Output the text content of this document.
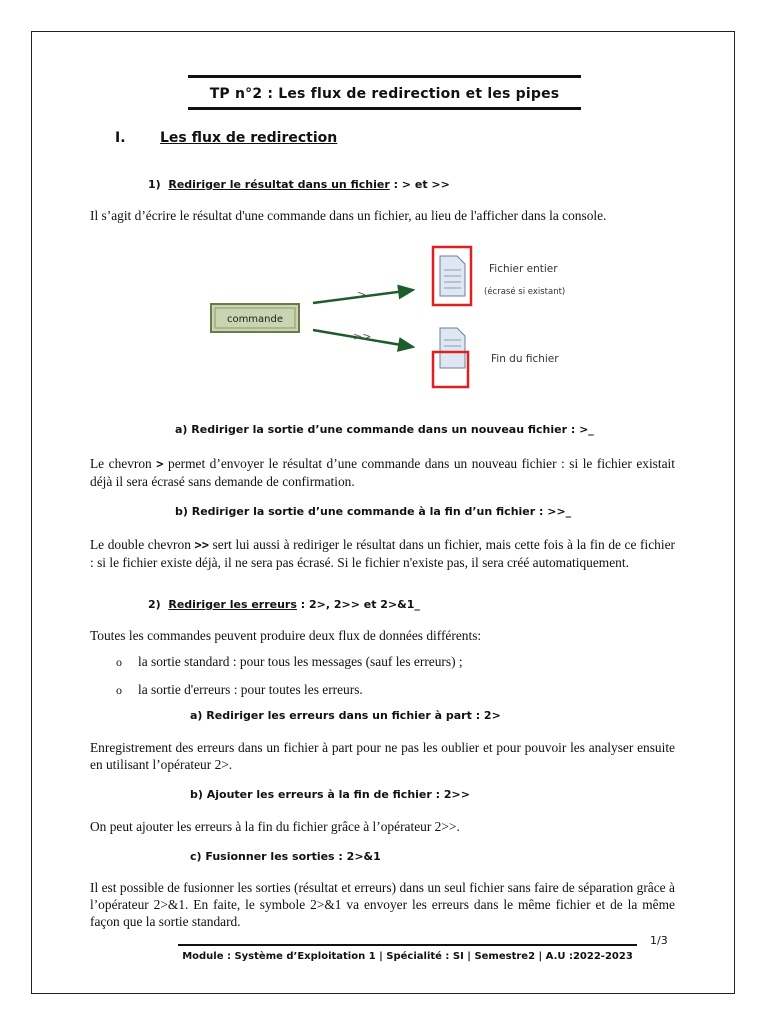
TP n°2 : Les flux de redirection et les pipes
I. Les flux de redirection
1) Rediriger le résultat dans un fichier : > et >>
Il s’agit d’écrire le résultat d'une commande dans un fichier, au lieu de l'afficher dans la console.
commande
>
>>
Fichier entier
(écrasé si existant)
Fin du fichier
a) Rediriger la sortie d’une commande dans un nouveau fichier : >_
Le chevron > permet d’envoyer le résultat d’une commande dans un nouveau fichier : si le fichier existait déjà il sera écrasé sans demande de confirmation.
b) Rediriger la sortie d’une commande à la fin d’un fichier : >>_
Le double chevron >> sert lui aussi à rediriger le résultat dans un fichier, mais cette fois à la fin de ce fichier : si le fichier existe déjà, il ne sera pas écrasé. Si le fichier n'existe pas, il sera créé automatiquement.
2) Rediriger les erreurs : 2>, 2>> et 2>&1_
Toutes les commandes peuvent produire deux flux de données différents:
o la sortie standard : pour tous les messages (sauf les erreurs) ;
o la sortie d'erreurs : pour toutes les erreurs.
a) Rediriger les erreurs dans un fichier à part : 2>
Enregistrement des erreurs dans un fichier à part pour ne pas les oublier et pour pouvoir les analyser ensuite en utilisant l’opérateur 2>.
b) Ajouter les erreurs à la fin de fichier : 2>>
On peut ajouter les erreurs à la fin du fichier grâce à l’opérateur 2>>.
c) Fusionner les sorties : 2>&1
Il est possible de fusionner les sorties (résultat et erreurs) dans un seul fichier sans faire de séparation grâce à l’opérateur 2>&1. En faite, le symbole 2>&1 va envoyer les erreurs dans le même fichier et de la même façon que la sortie standard.
1/3
Module : Système d’Exploitation 1 | Spécialité : SI | Semestre2 | A.U :2022-2023
